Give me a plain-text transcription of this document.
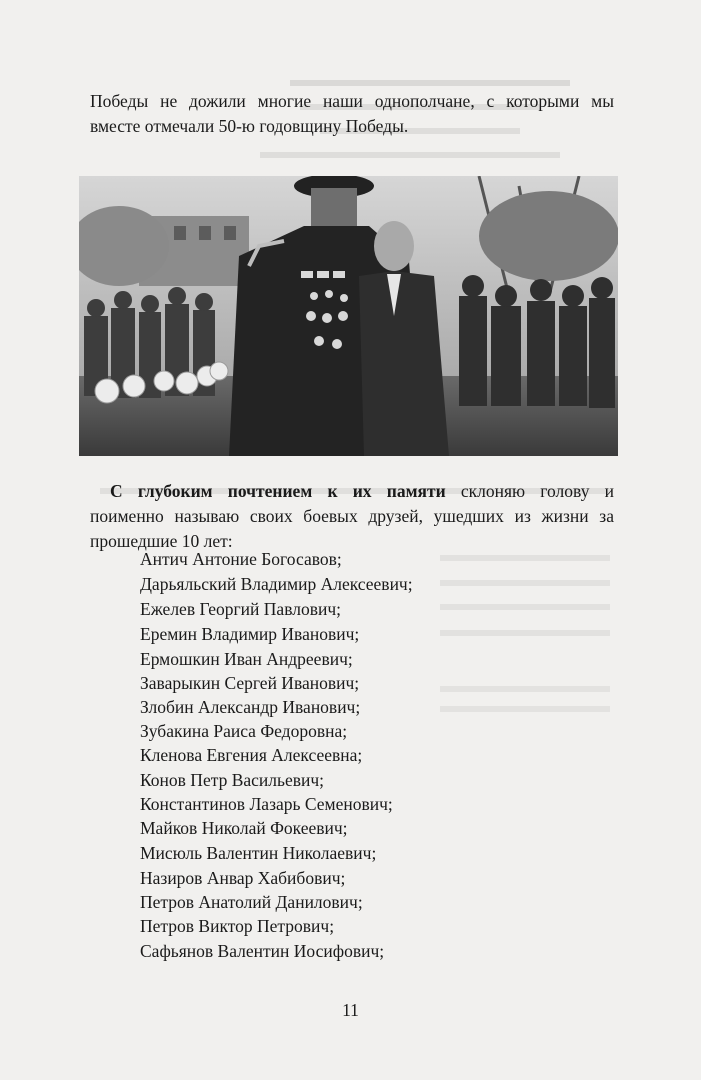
Победы не дожили многие наши однополчане, с которыми мы
вместе отмечали 50-ю годовщину Победы.
С глубоким почтением к их памяти склоняю голову и
поименно называю своих боевых друзей, ушедших из жизни за
прошедшие 10 лет:
Антич Антоние Богосавов;
Дарьяльский Владимир Алексеевич;
Ежелев Георгий Павлович;
Еремин Владимир Иванович;
Ермошкин Иван Андреевич;
Заварыкин Сергей Иванович;
Злобин Александр Иванович;
Зубакина Раиса Федоровна;
Кленова Евгения Алексеевна;
Конов Петр Васильевич;
Константинов Лазарь Семенович;
Майков Николай Фокеевич;
Мисюль Валентин Николаевич;
Назиров Анвар Хабибович;
Петров Анатолий Данилович;
Петров Виктор Петрович;
Сафьянов Валентин Иосифович;
11
